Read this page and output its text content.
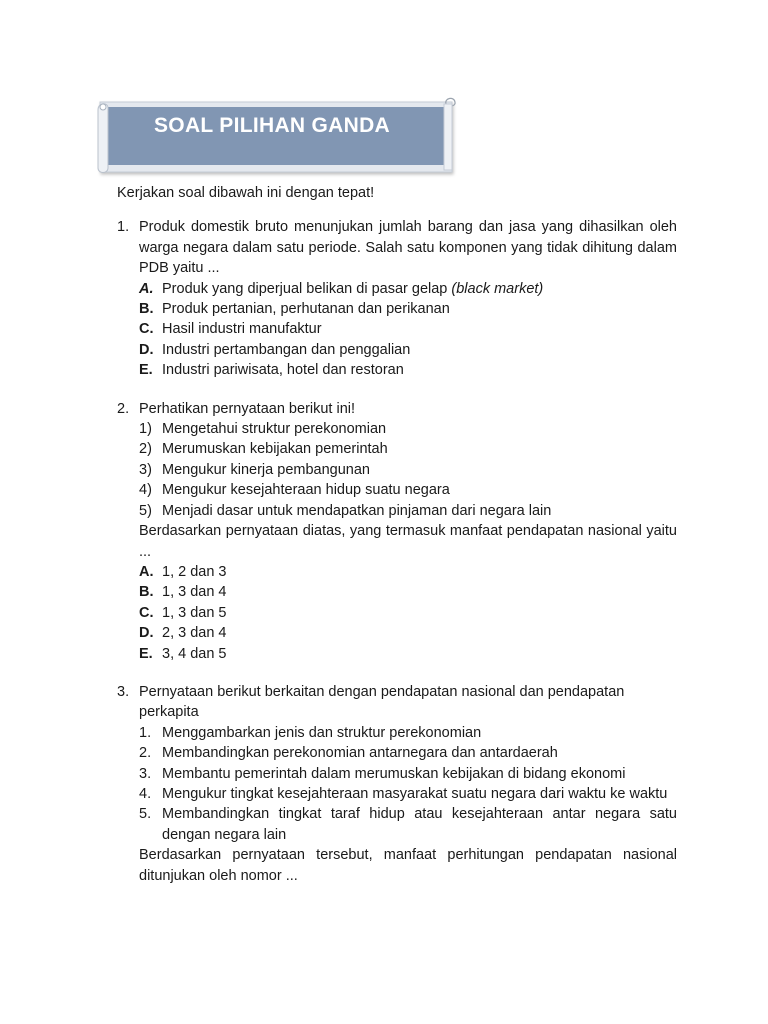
SOAL PILIHAN GANDA

Kerjakan soal dibawah ini dengan tepat!

1. Produk domestik bruto menunjukan jumlah barang dan jasa yang dihasilkan oleh warga negara dalam satu periode. Salah satu komponen yang tidak dihitung dalam PDB yaitu ...

A. Produk yang diperjual belikan di pasar gelap (black market)
B. Produk pertanian, perhutanan dan perikanan
C. Hasil industri manufaktur
D. Industri pertambangan dan penggalian
E. Industri pariwisata, hotel dan restoran
2. Perhatikan pernyataan berikut ini!

1) Mengetahui struktur perekonomian
2) Merumuskan kebijakan pemerintah
3) Mengukur kinerja pembangunan
4) Mengukur kesejahteraan hidup suatu negara
5) Menjadi dasar untuk mendapatkan pinjaman dari negara lain

Berdasarkan pernyataan diatas, yang termasuk manfaat pendapatan nasional yaitu ...

A. 1, 2 dan 3
B. 1, 3 dan 4
C. 1, 3 dan 5
D. 2, 3 dan 4
E. 3, 4 dan 5
3. Pernyataan berikut berkaitan dengan pendapatan nasional dan pendapatan perkapita

1. Menggambarkan jenis dan struktur perekonomian
2. Membandingkan perekonomian antarnegara dan antardaerah
3. Membantu pemerintah dalam merumuskan kebijakan di bidang ekonomi
4. Mengukur tingkat kesejahteraan masyarakat suatu negara dari waktu ke waktu
5. Membandingkan tingkat taraf hidup atau kesejahteraan antar negara satu dengan negara lain

Berdasarkan pernyataan tersebut, manfaat perhitungan pendapatan nasional ditunjukan oleh nomor ...
